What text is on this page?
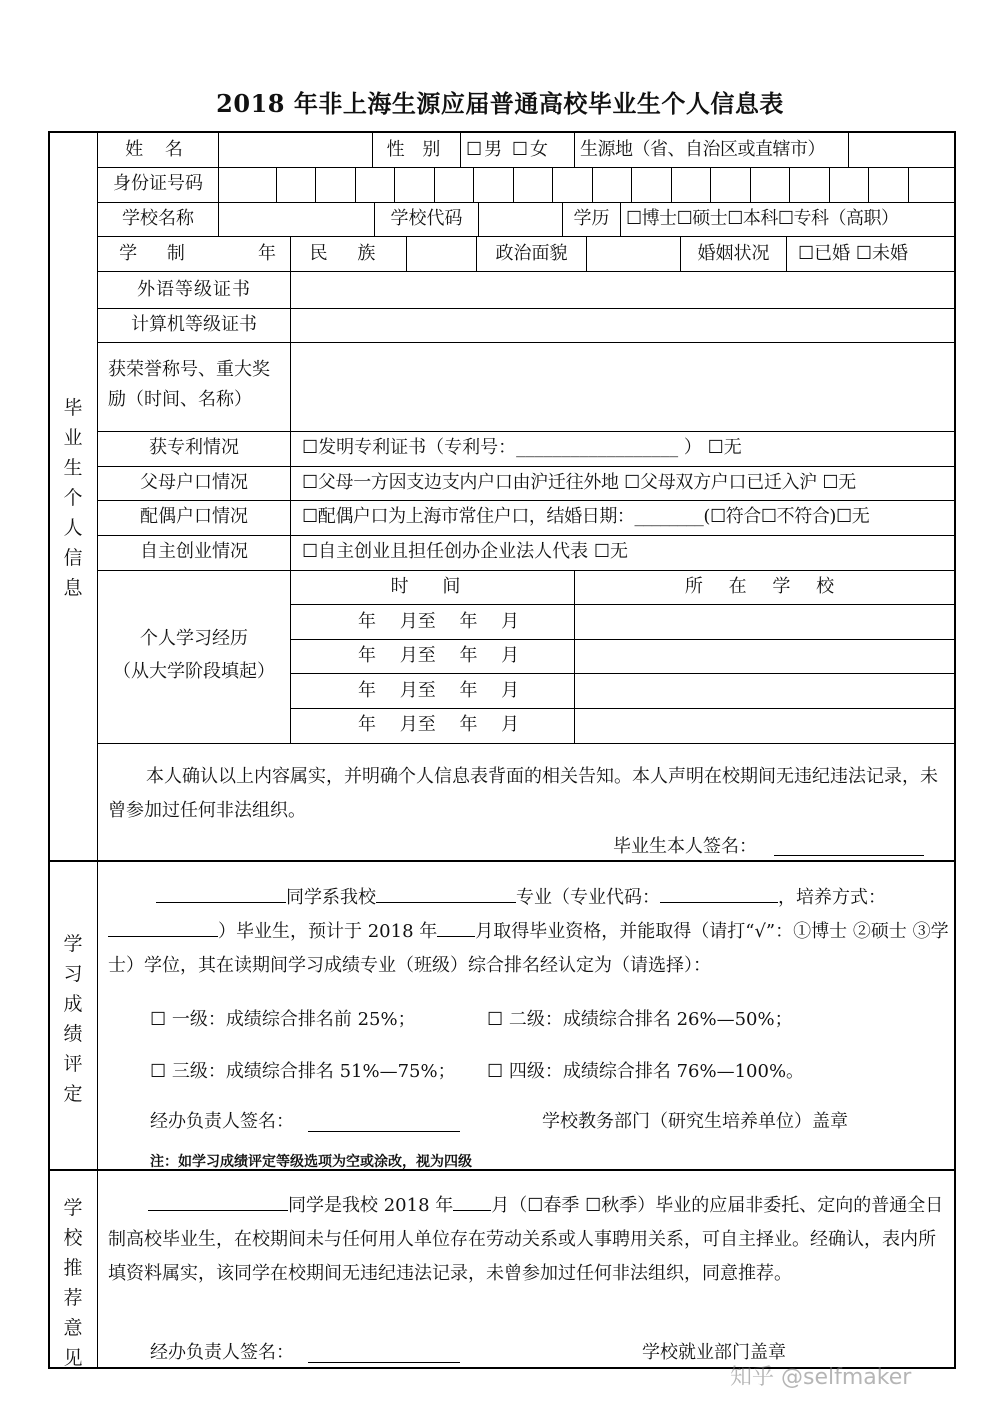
2018 年非上海生源应届普通高校毕业生个人信息表
毕业生个人信息
学习成绩评定
学校推荐意见
姓 名	性 别	☐男 ☐女 生源地（省、自治区或直辖市）
身份证号码
学校名称	学校代码	学历 ☐博士☐硕士☐本科☐专科（高职）
学 制	年	民 族	政治面貌	婚姻状况	☐已婚 ☐未婚
外语等级证书
计算机等级证书
获荣誉称号、重大奖励（时间、名称）
获专利情况	☐发明专利证书（专利号：__________________ ） ☐无
父母户口情况	☐父母一方因支边支内户口由沪迁往外地 ☐父母双方户口已迁入沪 ☐无
配偶户口情况	☐配偶户口为上海市常住户口，结婚日期：________(☐符合☐不符合)☐无
自主创业情况	☐自主创业且担任创办企业法人代表 ☐无
个人学习经历
（从大学阶段填起）
时 间	所 在 学 校
年 月至 年 月
年 月至 年 月
年 月至 年 月
年 月至 年 月
本人确认以上内容属实，并明确个人信息表背面的相关告知。本人声明在校期间无违纪违法记录，未曾参加过任何非法组织。
毕业生本人签名：
同学系我校	专业（专业代码：	，培养方式：）毕业生，预计于 2018 年 月取得毕业资格，并能取得（请打“√”：①博士 ②硕士 ③学士）学位，其在读期间学习成绩专业（班级）综合排名经认定为（请选择）：
☐ 一级：成绩综合排名前 25%；	☐ 二级：成绩综合排名 26%—50%；
☐ 三级：成绩综合排名 51%—75%； ☐ 四级：成绩综合排名 76%—100%。
经办负责人签名：	学校教务部门（研究生培养单位）盖章
注：如学习成绩评定等级选项为空或涂改，视为四级
同学是我校 2018 年 月（☐春季 ☐秋季）毕业的应届非委托、定向的普通全日制高校毕业生，在校期间未与任何用人单位存在劳动关系或人事聘用关系，可自主择业。经确认，表内所填资料属实，该同学在校期间无违纪违法记录，未曾参加过任何非法组织，同意推荐。
经办负责人签名：	学校就业部门盖章
知乎 @selfmaker
